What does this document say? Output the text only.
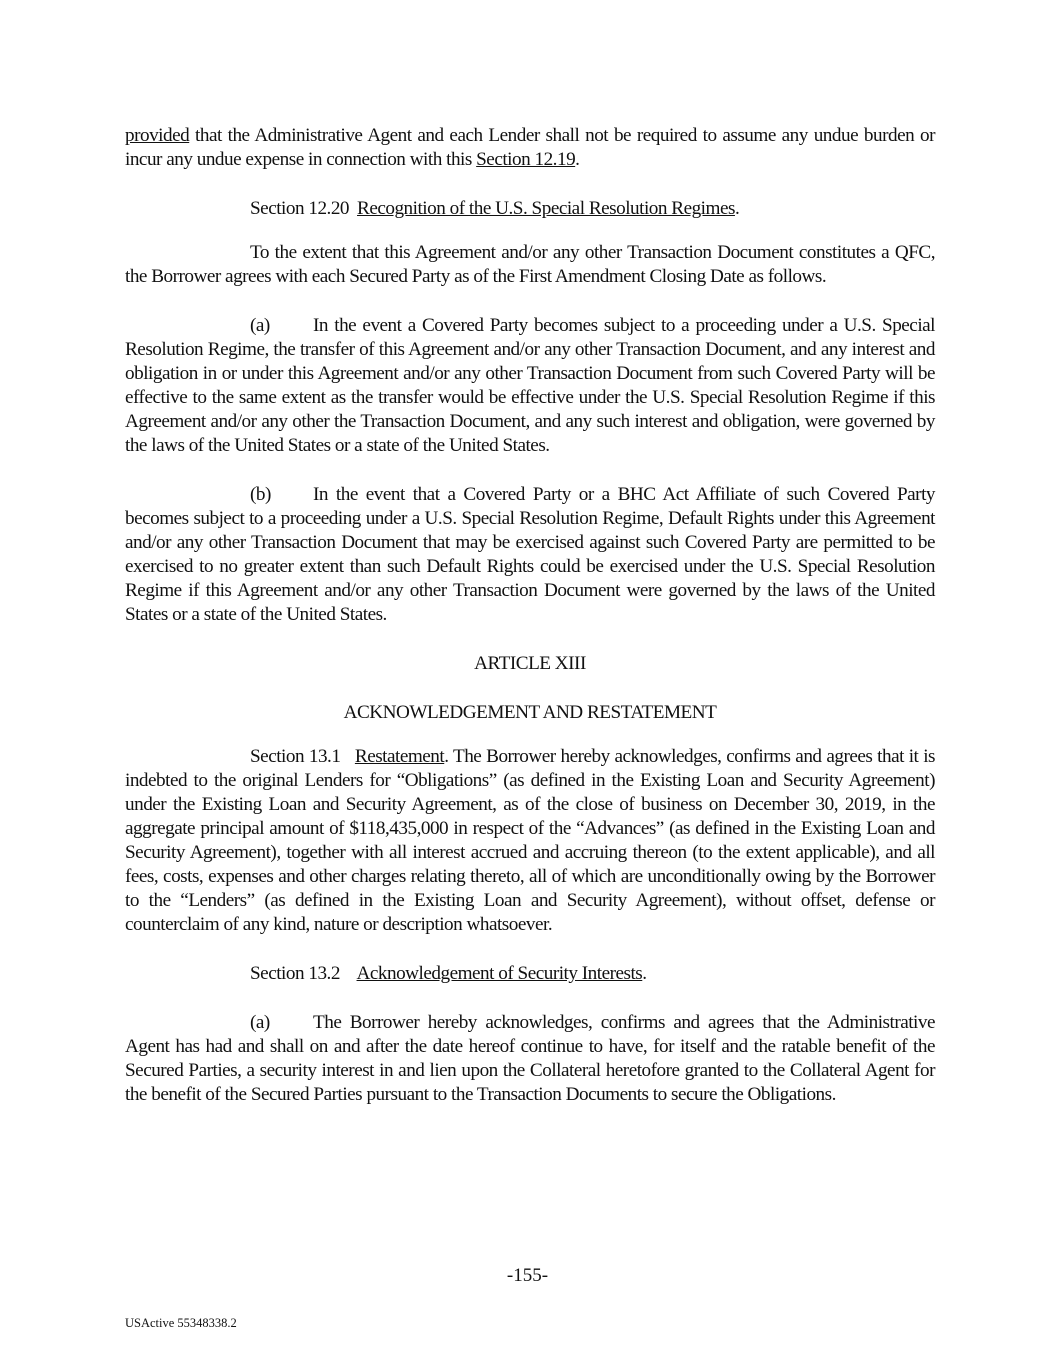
provided that the Administrative Agent and each Lender shall not be required to assume any undue burden or incur any undue expense in connection with this Section 12.19.

Section 12.20 Recognition of the U.S. Special Resolution Regimes.

To the extent that this Agreement and/or any other Transaction Document constitutes a QFC, the Borrower agrees with each Secured Party as of the First Amendment Closing Date as follows.

(a) In the event a Covered Party becomes subject to a proceeding under a U.S. Special Resolution Regime, the transfer of this Agreement and/or any other Transaction Document, and any interest and obligation in or under this Agreement and/or any other Transaction Document from such Covered Party will be effective to the same extent as the transfer would be effective under the U.S. Special Resolution Regime if this Agreement and/or any other the Transaction Document, and any such interest and obligation, were governed by the laws of the United States or a state of the United States.

(b) In the event that a Covered Party or a BHC Act Affiliate of such Covered Party becomes subject to a proceeding under a U.S. Special Resolution Regime, Default Rights under this Agreement and/or any other Transaction Document that may be exercised against such Covered Party are permitted to be exercised to no greater extent than such Default Rights could be exercised under the U.S. Special Resolution Regime if this Agreement and/or any other Transaction Document were governed by the laws of the United States or a state of the United States.

ARTICLE XIII

ACKNOWLEDGEMENT AND RESTATEMENT

Section 13.1 Restatement. The Borrower hereby acknowledges, confirms and agrees that it is indebted to the original Lenders for “Obligations” (as defined in the Existing Loan and Security Agreement) under the Existing Loan and Security Agreement, as of the close of business on December 30, 2019, in the aggregate principal amount of $118,435,000 in respect of the “Advances” (as defined in the Existing Loan and Security Agreement), together with all interest accrued and accruing thereon (to the extent applicable), and all fees, costs, expenses and other charges relating thereto, all of which are unconditionally owing by the Borrower to the “Lenders” (as defined in the Existing Loan and Security Agreement), without offset, defense or counterclaim of any kind, nature or description whatsoever.

Section 13.2 Acknowledgement of Security Interests.

(a) The Borrower hereby acknowledges, confirms and agrees that the Administrative Agent has had and shall on and after the date hereof continue to have, for itself and the ratable benefit of the Secured Parties, a security interest in and lien upon the Collateral heretofore granted to the Collateral Agent for the benefit of the Secured Parties pursuant to the Transaction Documents to secure the Obligations.

-155-
USActive 55348338.2
